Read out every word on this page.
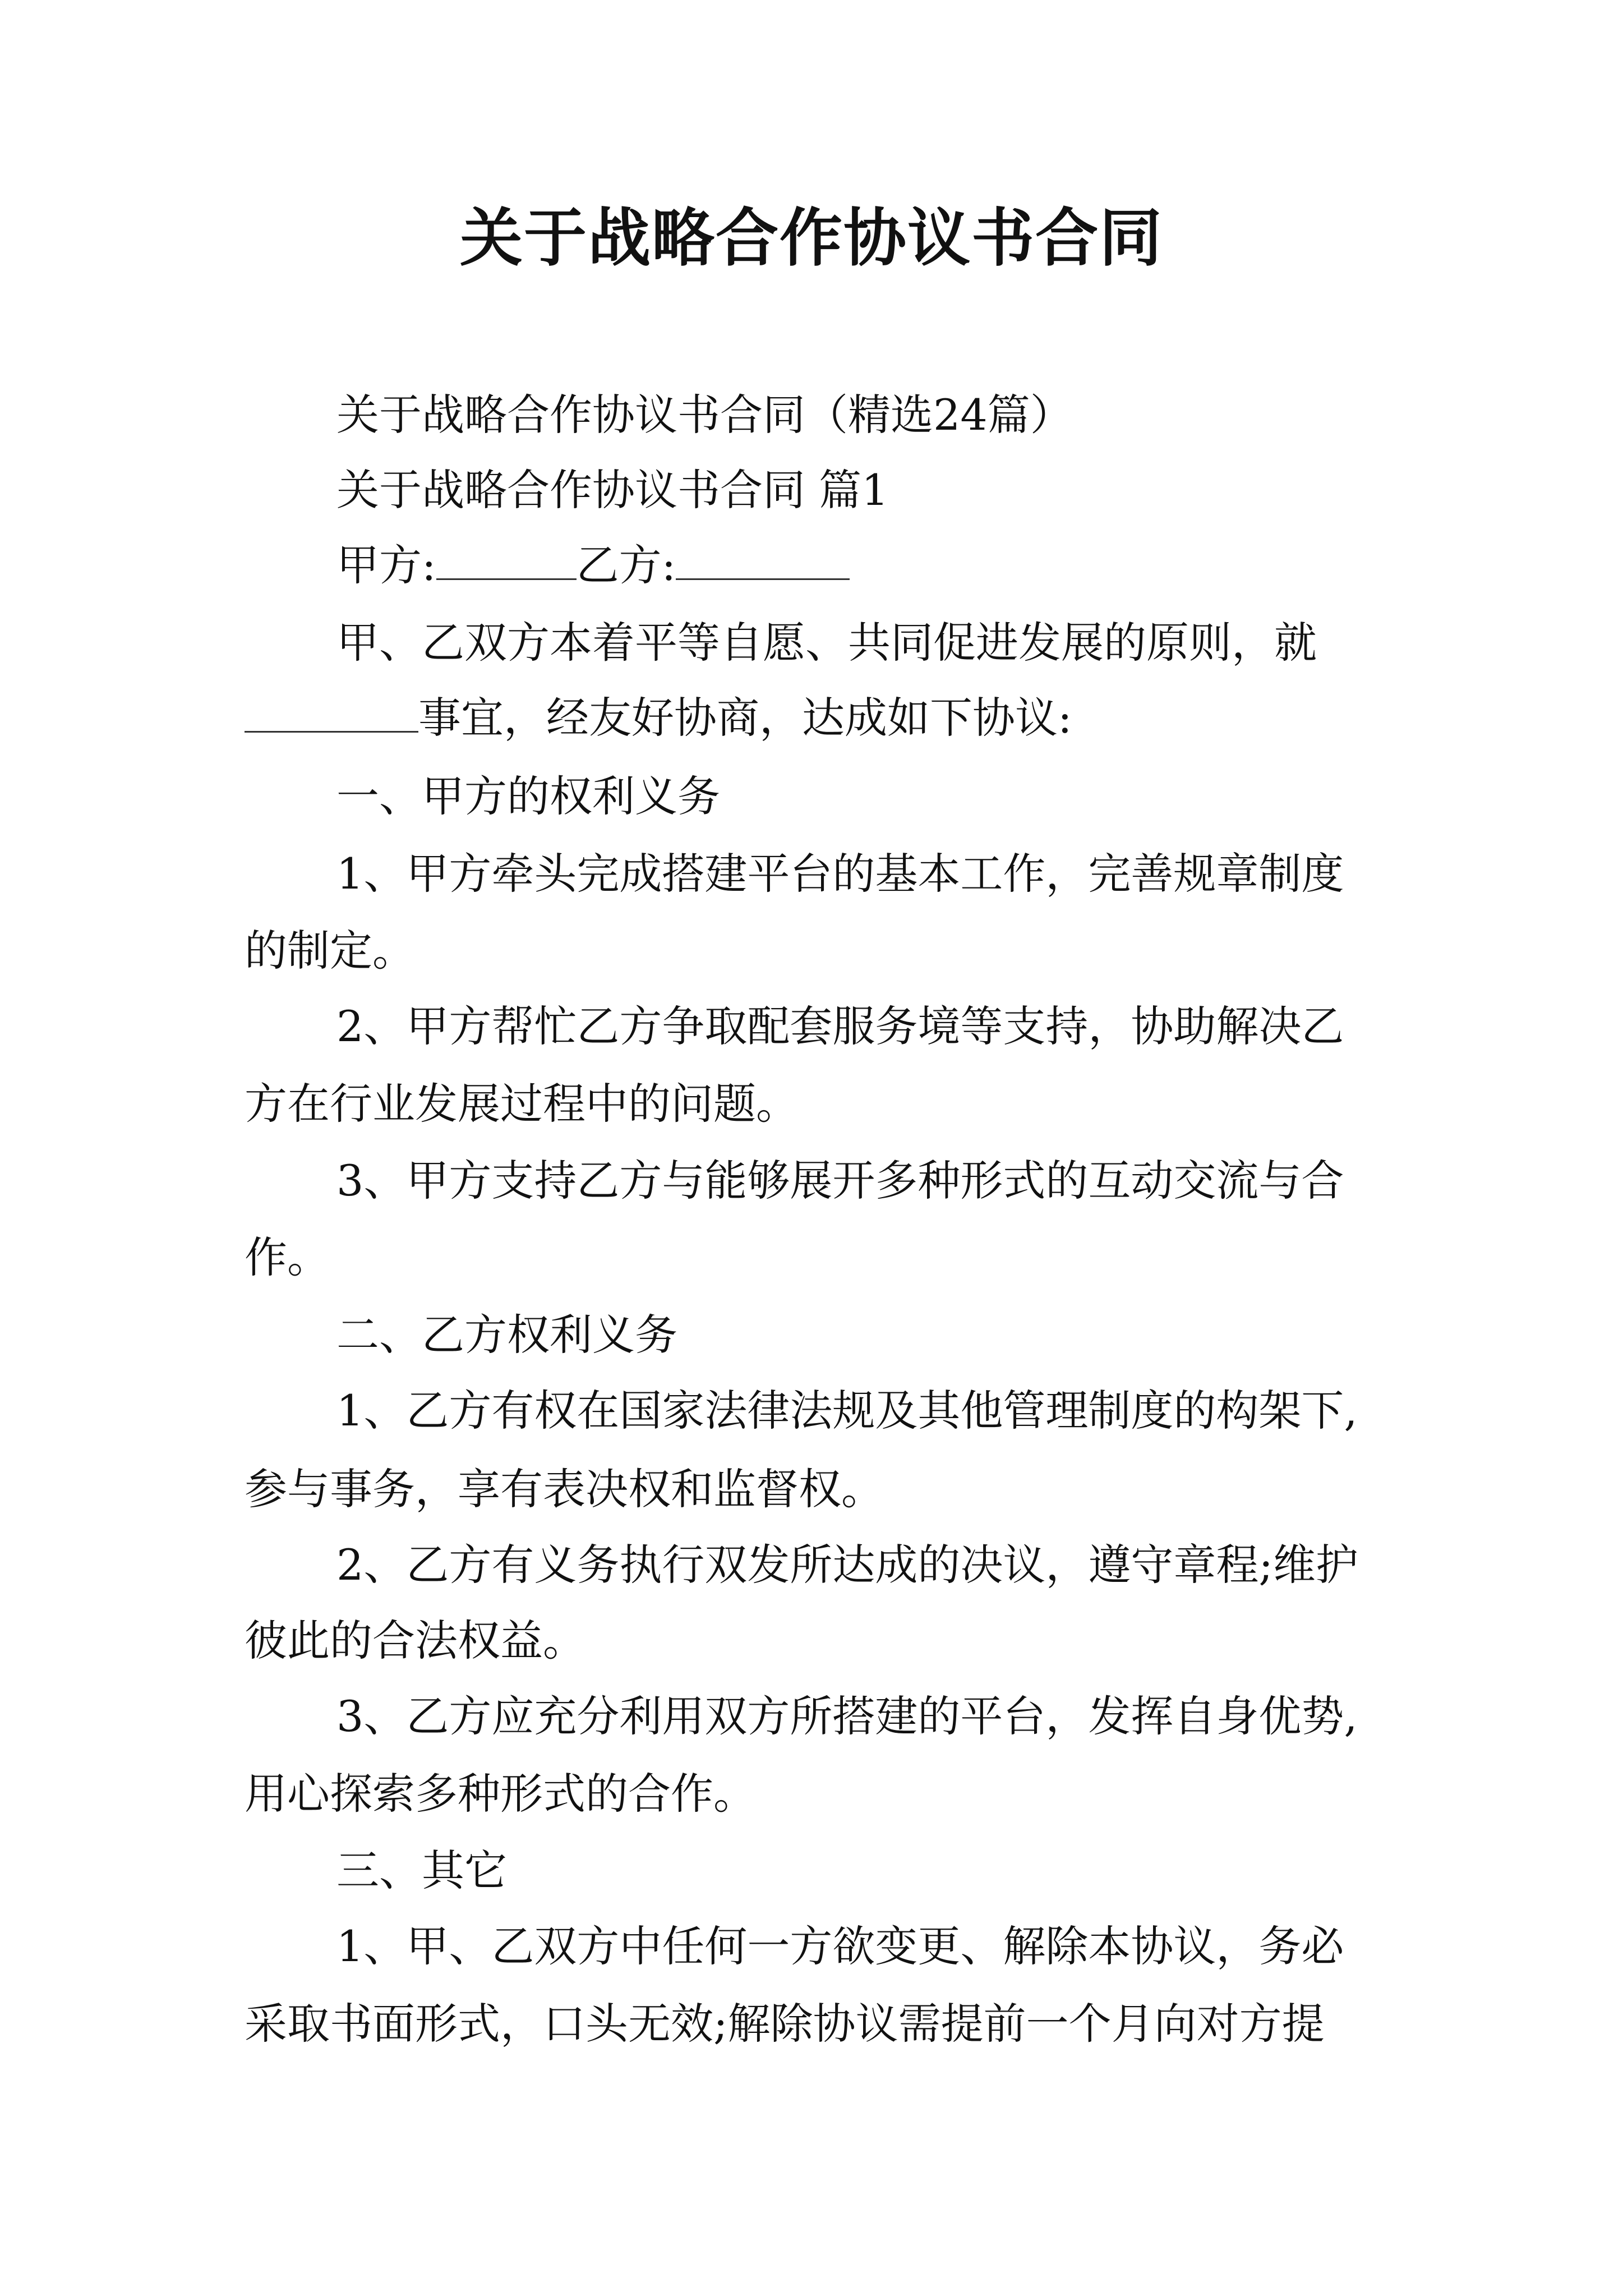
关于战略合作协议书合同
关于战略合作协议书合同（精选24篇）
关于战略合作协议书合同 篇1
甲方:	乙方:
甲、乙双方本着平等自愿、共同促进发展的原则，就
事宜，经友好协商，达成如下协议:
一、甲方的权利义务
1、甲方牵头完成搭建平台的基本工作，完善规章制度
的制定。
2、甲方帮忙乙方争取配套服务境等支持，协助解决乙
方在行业发展过程中的问题。
3、甲方支持乙方与能够展开多种形式的互动交流与合
作。
二、乙方权利义务
1、乙方有权在国家法律法规及其他管理制度的构架下,
参与事务，享有表决权和监督权。
2、乙方有义务执行双发所达成的决议，遵守章程;维护
彼此的合法权益。
3、乙方应充分利用双方所搭建的平台，发挥自身优势,
用心探索多种形式的合作。
三、其它
1、甲、乙双方中任何一方欲变更、解除本协议，务必
采取书面形式，口头无效;解除协议需提前一个月向对方提
